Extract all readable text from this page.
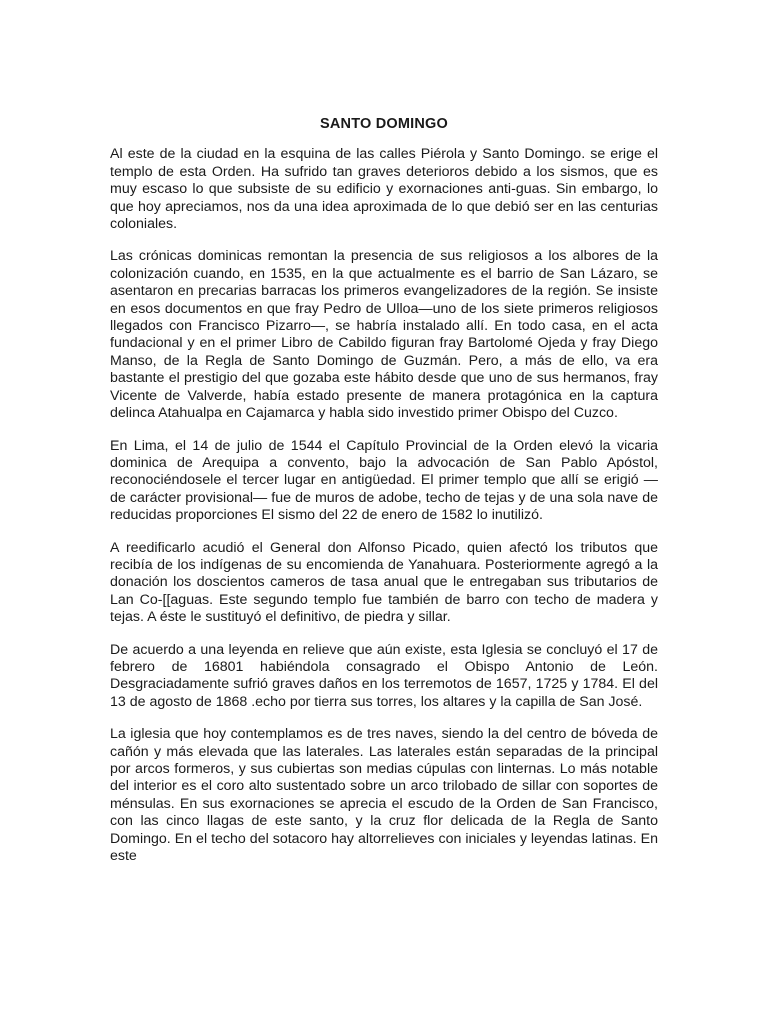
SANTO DOMINGO

Al este de la ciudad en la esquina de las calles Piérola y Santo Domingo. se erige el templo de esta Orden. Ha sufrido tan graves deterioros debido a los sismos, que es muy escaso lo que subsiste de su edificio y exornaciones anti-guas. Sin embargo, lo que hoy apreciamos, nos da una idea aproximada de lo que debió ser en las centurias coloniales.

Las crónicas dominicas remontan la presencia de sus religiosos a los albores de la colonización cuando, en 1535, en la que actualmente es el barrio de San Lázaro, se asentaron en precarias barracas los primeros evangelizadores de la región. Se insiste en esos documentos en que fray Pedro de Ulloa—uno de los siete primeros religiosos llegados con Francisco Pizarro—, se habría instalado allí. En todo casa, en el acta fundacional y en el primer Libro de Cabildo figuran fray Bartolomé Ojeda y fray Diego Manso, de la Regla de Santo Domingo de Guzmán. Pero, a más de ello, va era bastante el prestigio del que gozaba este hábito desde que uno de sus hermanos, fray Vicente de Valverde, había estado presente de manera protagónica en la captura delinca Atahualpa en Cajamarca y habla sido investido primer Obispo del Cuzco.

En Lima, el 14 de julio de 1544 el Capítulo Provincial de la Orden elevó la vicaria dominica de Arequipa a convento, bajo la advocación de San Pablo Apóstol, reconociéndosele el tercer lugar en antigüedad. El primer templo que allí se erigió —de carácter provisional— fue de muros de adobe, techo de tejas y de una sola nave de reducidas proporciones El sismo del 22 de enero de 1582 lo inutilizó.

A reedificarlo acudió el General don Alfonso Picado, quien afectó los tributos que recibía de los indígenas de su encomienda de Yanahuara. Posteriormente agregó a la donación los doscientos cameros de tasa anual que le entregaban sus tributarios de Lan Co-[[aguas. Este segundo templo fue también de barro con techo de madera y tejas. A éste le sustituyó el definitivo, de piedra y sillar.

De acuerdo a una leyenda en relieve que aún existe, esta Iglesia se concluyó el 17 de febrero de 16801 habiéndola consagrado el Obispo Antonio de León. Desgraciadamente sufrió graves daños en los terremotos de 1657, 1725 y 1784. El del 13 de agosto de 1868 .echo por tierra sus torres, los altares y la capilla de San José.

La iglesia que hoy contemplamos es de tres naves, siendo la del centro de bóveda de cañón y más elevada que las laterales. Las laterales están separadas de la principal por arcos formeros, y sus cubiertas son medias cúpulas con linternas. Lo más notable del interior es el coro alto sustentado sobre un arco trilobado de sillar con soportes de ménsulas. En sus exornaciones se aprecia el escudo de la Orden de San Francisco, con las cinco llagas de este santo, y la cruz flor delicada de la Regla de Santo Domingo. En el techo del sotacoro hay altorrelieves con iniciales y leyendas latinas. En este
